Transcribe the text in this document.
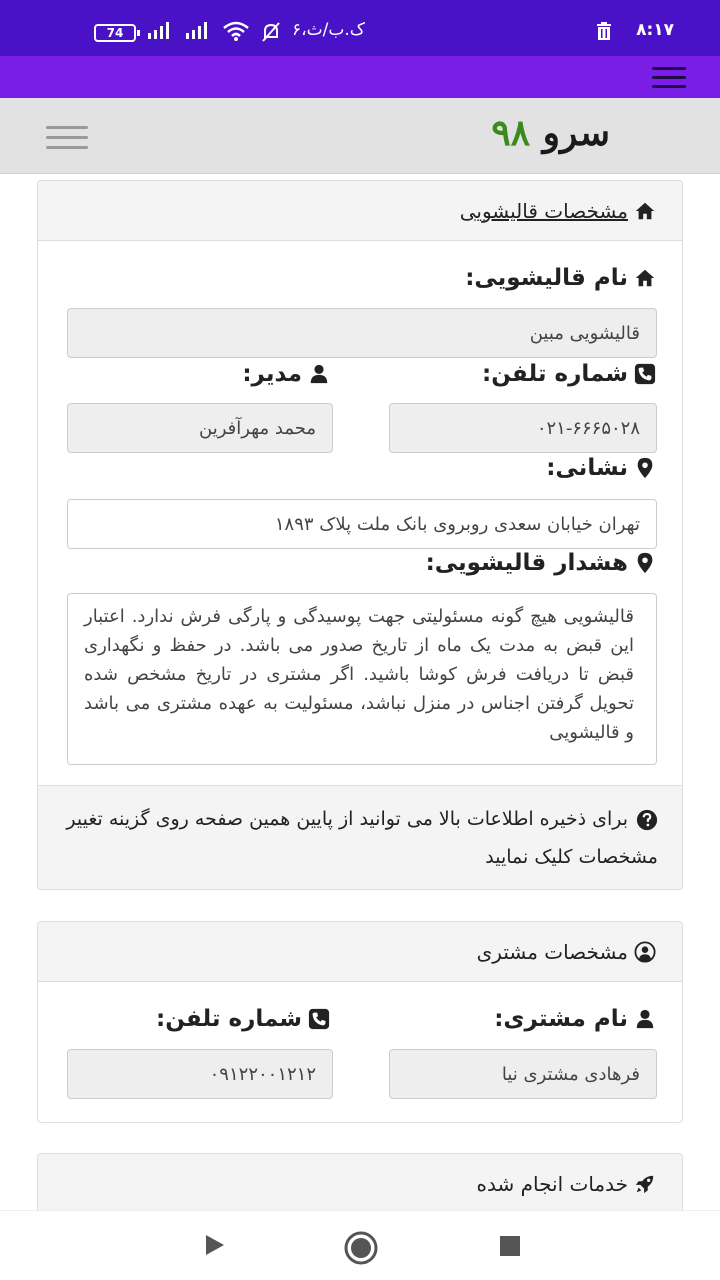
74	۶،ک.ب/ث	۸:۱۷
سرو ۹۸
مشخصات قالیشویی
نام قالیشویی:
قالیشویی مبین
شماره تلفن:
۰۲۱-۶۶۶۵۰۲۸
مدیر:
محمد مهرآفرین
نشانی:
تهران خیابان سعدی روبروی بانک ملت پلاک ۱۸۹۳
هشدار قالیشویی:
قالیشویی هیچ گونه مسئولیتی جهت پوسیدگی و پارگی فرش ندارد. اعتبار این قبض به مدت یک ماه از تاریخ صدور می باشد. در حفظ و نگهداری قبض تا دریافت فرش کوشا باشید. اگر مشتری در تاریخ مشخص شده تحویل گرفتن اجناس در منزل نباشد، مسئولیت به عهده مشتری می باشد و قالیشویی
برای ذخیره اطلاعات بالا می توانید از پایین همین صفحه روی گزینه تغییر مشخصات کلیک نمایید
مشخصات مشتری
نام مشتری:
فرهادی مشتری نیا
شماره تلفن:
۰۹۱۲۲۰۰۱۲۱۲
خدمات انجام شده
